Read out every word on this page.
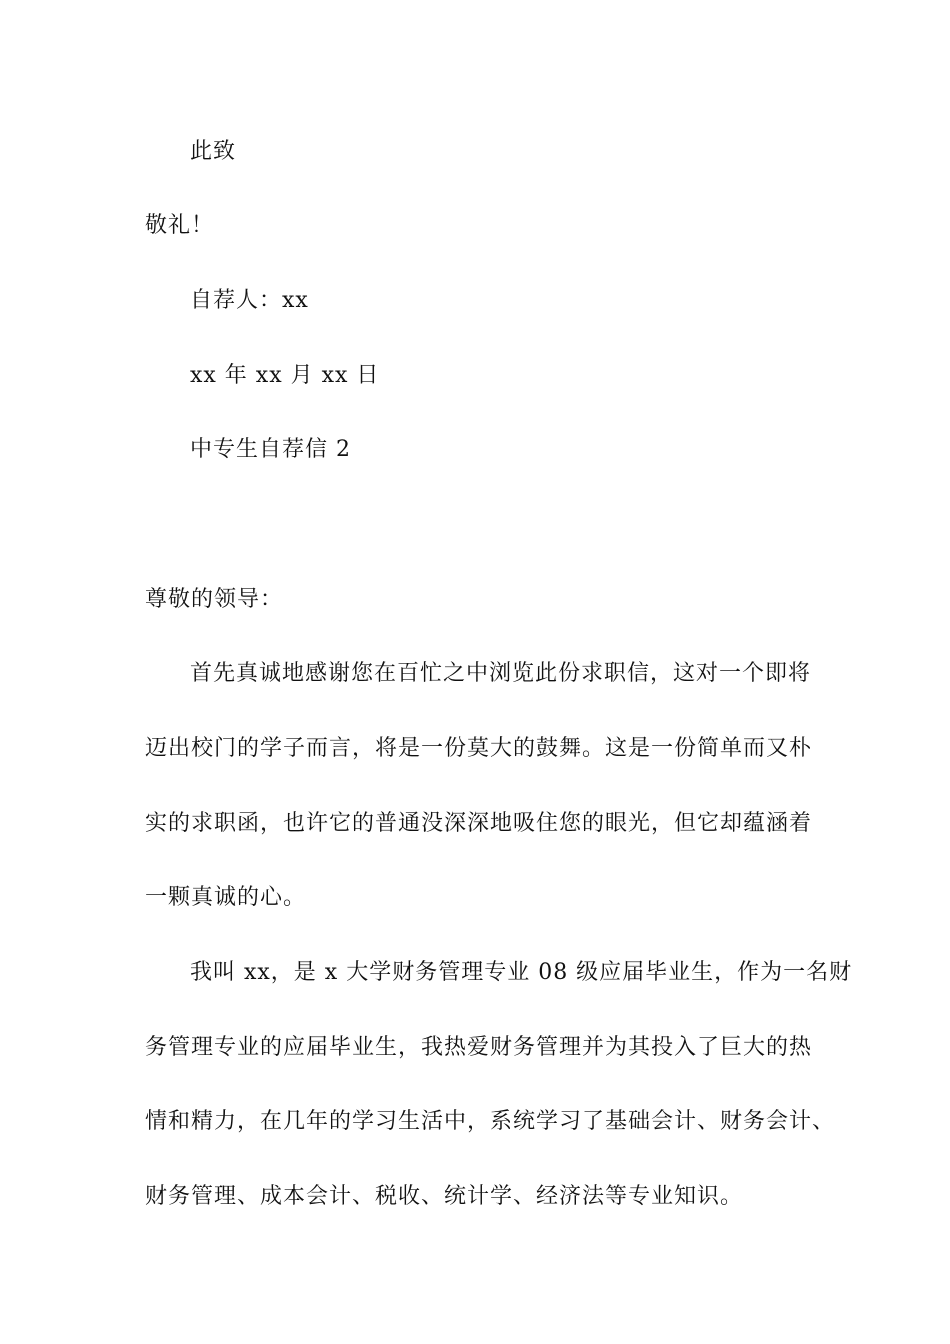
此致
敬礼！
自荐人：xx
xx 年 xx 月 xx 日
中专生自荐信 2
尊敬的领导：
首先真诚地感谢您在百忙之中浏览此份求职信，这对一个即将
迈出校门的学子而言，将是一份莫大的鼓舞。这是一份简单而又朴
实的求职函，也许它的普通没深深地吸住您的眼光，但它却蕴涵着
一颗真诚的心。
我叫 xx，是 x 大学财务管理专业 08 级应届毕业生，作为一名财
务管理专业的应届毕业生，我热爱财务管理并为其投入了巨大的热
情和精力，在几年的学习生活中，系统学习了基础会计、财务会计、
财务管理、成本会计、税收、统计学、经济法等专业知识。
